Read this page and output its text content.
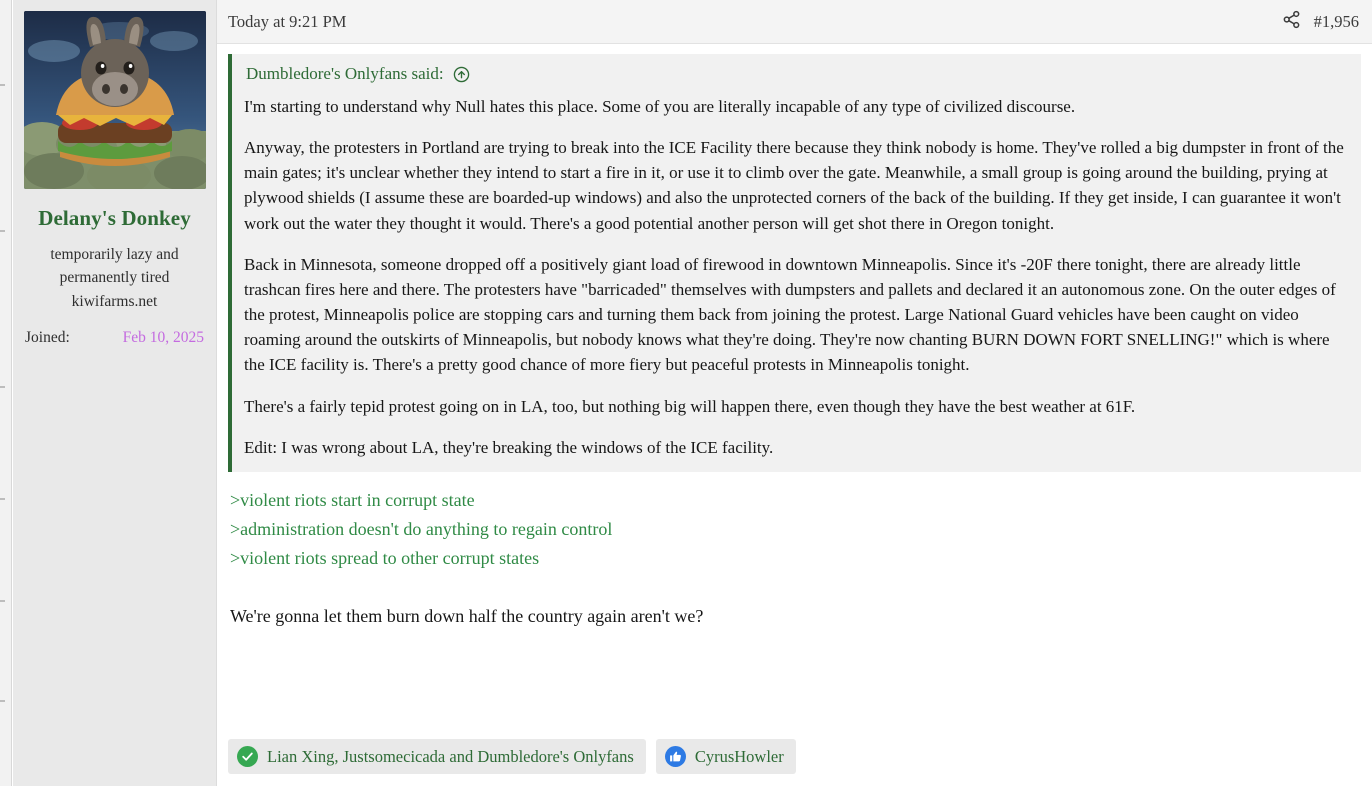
Delany's Donkey
temporarily lazy and
permanently tired
kiwifarms.net
Joined:	Feb 10, 2025
Today at 9:21 PM	#1,956
Dumbledore's Onlyfans said:

I'm starting to understand why Null hates this place. Some of you are literally incapable of any type of civilized discourse.

Anyway, the protesters in Portland are trying to break into the ICE Facility there because they think nobody is home. They've rolled a big dumpster in front of the main gates; it's unclear whether they intend to start a fire in it, or use it to climb over the gate. Meanwhile, a small group is going around the building, prying at plywood shields (I assume these are boarded-up windows) and also the unprotected corners of the back of the building. If they get inside, I can guarantee it won't work out the water they thought it would. There's a good potential another person will get shot there in Oregon tonight.

Back in Minnesota, someone dropped off a positively giant load of firewood in downtown Minneapolis. Since it's -20F there tonight, there are already little trashcan fires here and there. The protesters have "barricaded" themselves with dumpsters and pallets and declared it an autonomous zone. On the outer edges of the protest, Minneapolis police are stopping cars and turning them back from joining the protest. Large National Guard vehicles have been caught on video roaming around the outskirts of Minneapolis, but nobody knows what they're doing. They're now chanting BURN DOWN FORT SNELLING!" which is where the ICE facility is. There's a pretty good chance of more fiery but peaceful protests in Minneapolis tonight.

There's a fairly tepid protest going on in LA, too, but nothing big will happen there, even though they have the best weather at 61F.

Edit: I was wrong about LA, they're breaking the windows of the ICE facility.

>violent riots start in corrupt state
>administration doesn't do anything to regain control
>violent riots spread to other corrupt states
We're gonna let them burn down half the country again aren't we?
Lian Xing, Justsomecicada and Dumbledore's Onlyfans	CyrusHowler
